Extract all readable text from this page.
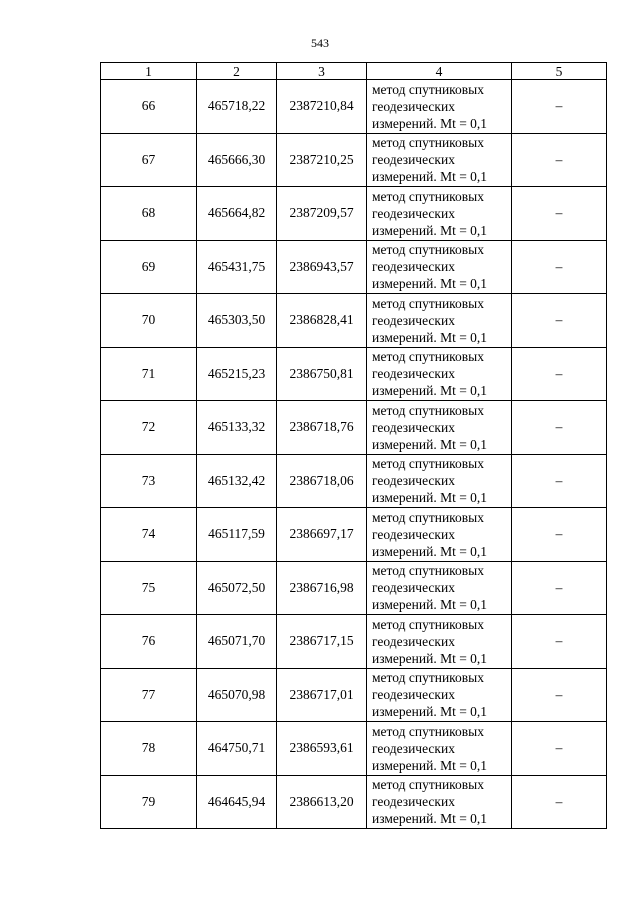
543
1	2	3	4	5
66	465718,22	2387210,84	метод спутниковых
геодезических
измерений. Mt = 0,1	–
67	465666,30	2387210,25	метод спутниковых
геодезических
измерений. Mt = 0,1	–
68	465664,82	2387209,57	метод спутниковых
геодезических
измерений. Mt = 0,1	–
69	465431,75	2386943,57	метод спутниковых
геодезических
измерений. Mt = 0,1	–
70	465303,50	2386828,41	метод спутниковых
геодезических
измерений. Mt = 0,1	–
71	465215,23	2386750,81	метод спутниковых
геодезических
измерений. Mt = 0,1	–
72	465133,32	2386718,76	метод спутниковых
геодезических
измерений. Mt = 0,1	–
73	465132,42	2386718,06	метод спутниковых
геодезических
измерений. Mt = 0,1	–
74	465117,59	2386697,17	метод спутниковых
геодезических
измерений. Mt = 0,1	–
75	465072,50	2386716,98	метод спутниковых
геодезических
измерений. Mt = 0,1	–
76	465071,70	2386717,15	метод спутниковых
геодезических
измерений. Mt = 0,1	–
77	465070,98	2386717,01	метод спутниковых
геодезических
измерений. Mt = 0,1	–
78	464750,71	2386593,61	метод спутниковых
геодезических
измерений. Mt = 0,1	–
79	464645,94	2386613,20	метод спутниковых
геодезических
измерений. Mt = 0,1	–
